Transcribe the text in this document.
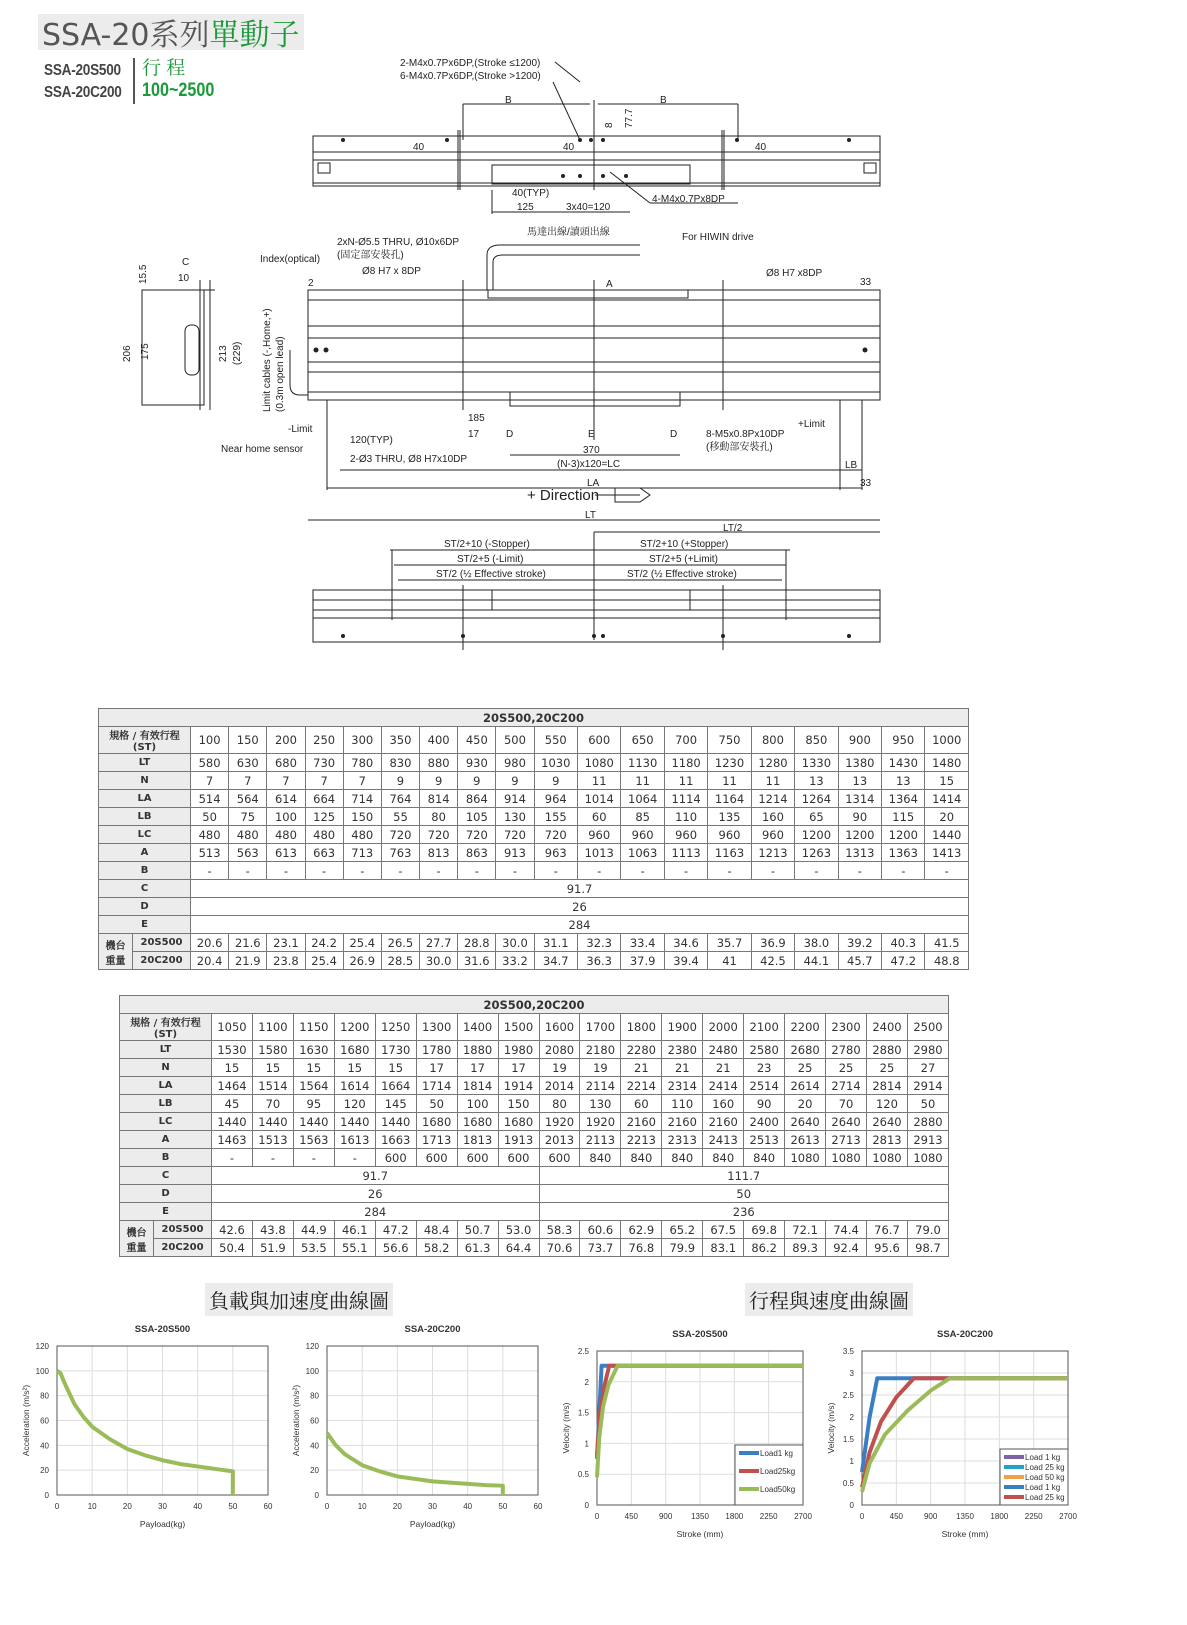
SSA-20系列 單動子
SSA-20S500
SSA-20C200
行 程
100~2500
2-M4x0.7Px6DP,(Stroke ≤1200)
6-M4x0.7Px6DP,(Stroke >1200)
B	B
40	40	40
8 77.7
40(TYP)
125	3x40=120
4-M4x0.7Px8DP
C
10
15.5
206 175	213 (229)
馬達出線/讀頭出線	For HIWIN drive
2xN-Ø5.5 THRU, Ø10x6DP
(固定部安裝孔)
Index(optical)
Ø8 H7 x 8DP	Ø8 H7 x8DP
2	A	33
Limit cables (-,Home,+) (0.3m open lead)
-Limit
Near home sensor
120(TYP)
2-Ø3 THRU, Ø8 H7x10DP
185
17	D	E	D
370
(N-3)x120=LC
LA
LB
33
+Limit
8-M5x0.8Px10DP
(移動部安裝孔)
+ Direction
LT
LT/2
ST/2+10 (-Stopper)	ST/2+10 (+Stopper)
ST/2+5 (-Limit)	ST/2+5 (+Limit)
ST/2 (½ Effective stroke)	ST/2 (½ Effective stroke)
20S500,20C200																				
規格 / 有效行程 (ST)		100	150	200	250	300	350	400	450	500	550	600	650	700	750	800	850	900	950	1000
LT		580	630	680	730	780	830	880	930	980	1030	1080	1130	1180	1230	1280	1330	1380	1430	1480
N		7	7	7	7	7	9	9	9	9	9	11	11	11	11	11	13	13	13	15
LA		514	564	614	664	714	764	814	864	914	964	1014	1064	1114	1164	1214	1264	1314	1364	1414
LB		50	75	100	125	150	55	80	105	130	155	60	85	110	135	160	65	90	115	20
LC		480	480	480	480	480	720	720	720	720	720	960	960	960	960	960	1200	1200	1200	1440
A		513	563	613	663	713	763	813	863	913	963	1013	1063	1113	1163	1213	1263	1313	1363	1413
B		-	-	-	-	-	-	-	-	-	-	-	-	-	-	-	-	-	-	-
C		91.7																		
D		26																		
E		284																		
機台
重量	20S500	20.6	21.6	23.1	24.2	25.4	26.5	27.7	28.8	30.0	31.1	32.3	33.4	34.6	35.7	36.9	38.0	39.2	40.3	41.5
	20C200	20.4	21.9	23.8	25.4	26.9	28.5	30.0	31.6	33.2	34.7	36.3	37.9	39.4	41	42.5	44.1	45.7	47.2	48.8
20S500,20C200																			
規格 / 有效行程 (ST)		1050	1100	1150	1200	1250	1300	1400	1500	1600	1700	1800	1900	2000	2100	2200	2300	2400	2500
LT		1530	1580	1630	1680	1730	1780	1880	1980	2080	2180	2280	2380	2480	2580	2680	2780	2880	2980
N		15	15	15	15	15	17	17	17	19	19	21	21	21	23	25	25	25	27
LA		1464	1514	1564	1614	1664	1714	1814	1914	2014	2114	2214	2314	2414	2514	2614	2714	2814	2914
LB		45	70	95	120	145	50	100	150	80	130	60	110	160	90	20	70	120	50
LC		1440	1440	1440	1440	1440	1680	1680	1680	1920	1920	2160	2160	2160	2400	2640	2640	2640	2880
A		1463	1513	1563	1613	1663	1713	1813	1913	2013	2113	2213	2313	2413	2513	2613	2713	2813	2913
B		-	-	-	-	600	600	600	600	600	840	840	840	840	840	1080	1080	1080	1080
C		91.7								111.7									
D		26								50									
E		284								236									
機台
重量	20S500	42.6	43.8	44.9	46.1	47.2	48.4	50.7	53.0	58.3	60.6	62.9	65.2	67.5	69.8	72.1	74.4	76.7	79.0
	20C200	50.4	51.9	53.5	55.1	56.6	58.2	61.3	64.4	70.6	73.7	76.8	79.9	83.1	86.2	89.3	92.4	95.6	98.7
負載與加速度曲線圖	行程與速度曲線圖
SSA-20S500
0	10	20	30	40	50	60
0
20
40
60
80
100
120
Payload(kg)
Acceleration (m/s²)
SSA-20C200
0	10	20	30	40	50	60
0
20
40
60
80
100
120
Payload(kg)
Acceleration (m/s²)
SSA-20S500
0	450	900 1350 1800 2250 2700
0
0.5
1
1.5
2
2.5
Stroke (mm)
Velocity (m/s)	Load1 kg
Load25kg
Load50kg
SSA-20C200
0	450	900 1350 1800 2250 2700
0
0.5
1
1.5
2
2.5
3
3.5
Stroke (mm)
Velocity (m/s)
Load 1 kg
Load 25 kg
Load 50 kg
Load 1 kg
Load 25 kg
